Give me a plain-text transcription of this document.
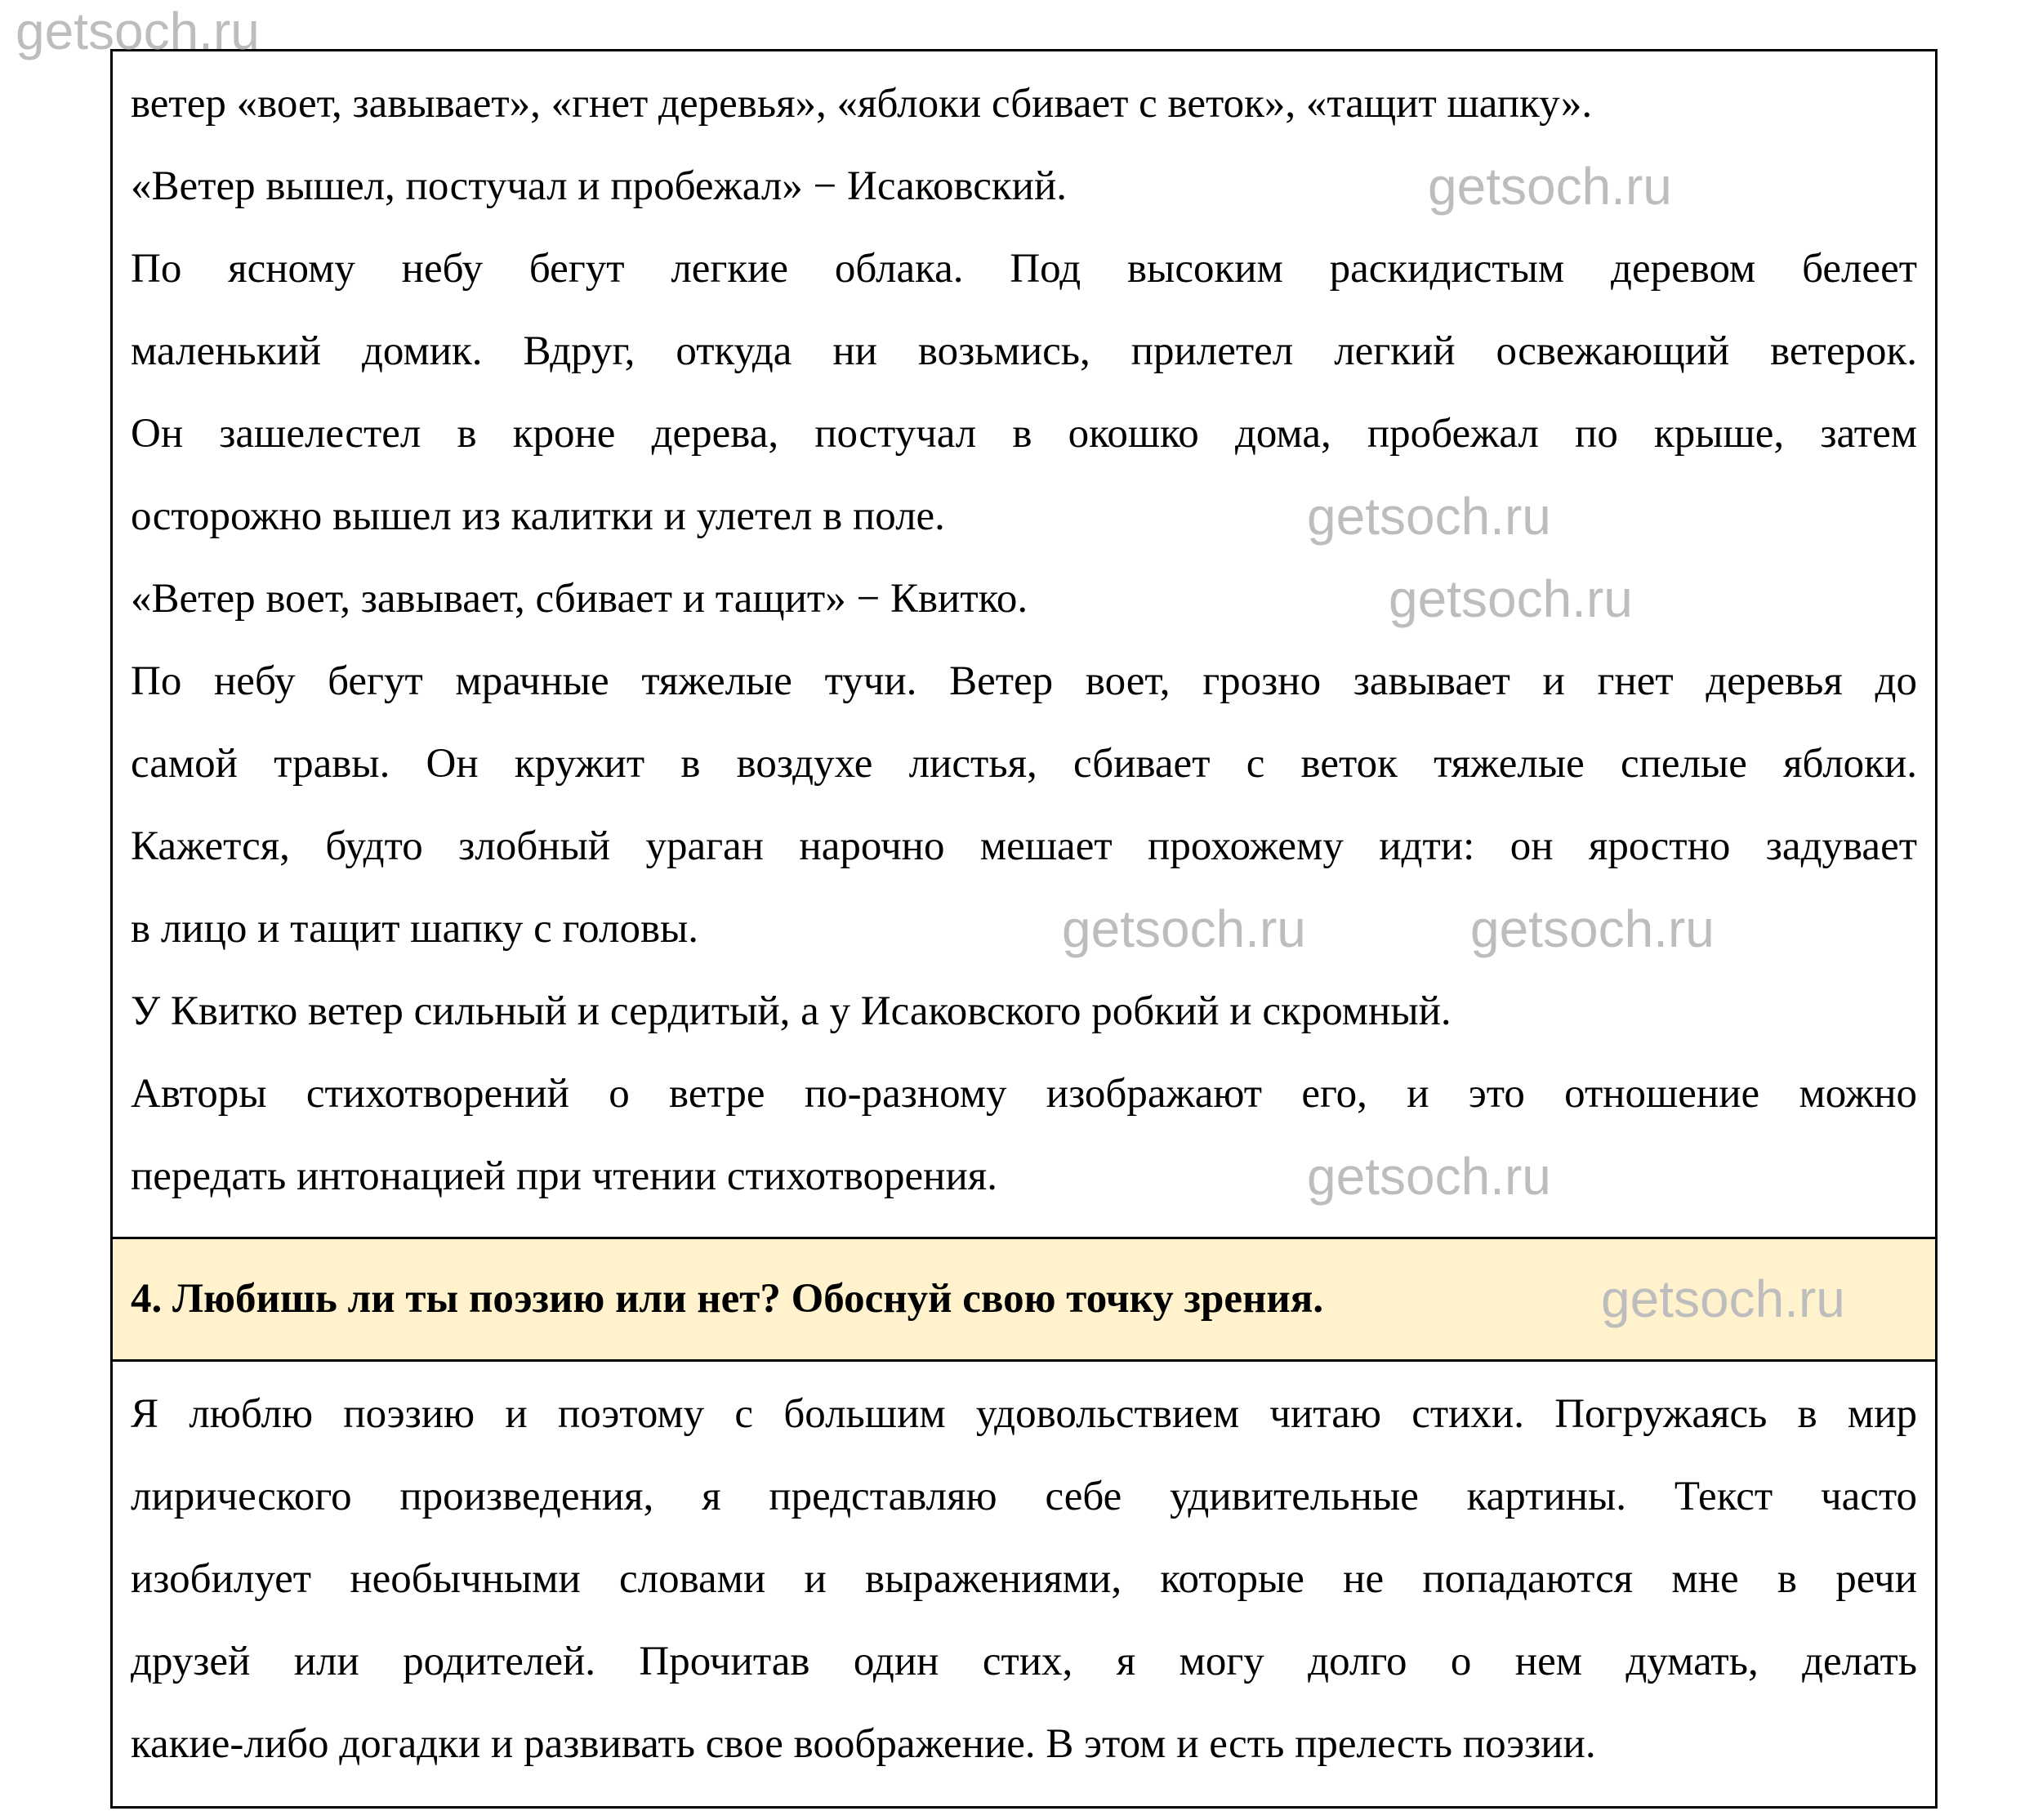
ветер «воет, завывает», «гнет деревья», «яблоки сбивает с веток», «тащит шапку».
«Ветер вышел, постучал и пробежал» − Исаковский.
По ясному небу бегут легкие облака. Под высоким раскидистым деревом белеет
маленький домик. Вдруг, откуда ни возьмись, прилетел легкий освежающий ветерок.
Он зашелестел в кроне дерева, постучал в окошко дома, пробежал по крыше, затем
осторожно вышел из калитки и улетел в поле.
«Ветер воет, завывает, сбивает и тащит» − Квитко.
По небу бегут мрачные тяжелые тучи. Ветер воет, грозно завывает и гнет деревья до
самой травы. Он кружит в воздухе листья, сбивает с веток тяжелые спелые яблоки.
Кажется, будто злобный ураган нарочно мешает прохожему идти: он яростно задувает
в лицо и тащит шапку с головы.
У Квитко ветер сильный и сердитый, а у Исаковского робкий и скромный.
Авторы стихотворений о ветре по-разному изображают его, и это отношение можно
передать интонацией при чтении стихотворения.
4. Любишь ли ты поэзию или нет? Обоснуй свою точку зрения.
Я люблю поэзию и поэтому с большим удовольствием читаю стихи. Погружаясь в мир
лирического произведения, я представляю себе удивительные картины. Текст часто
изобилует необычными словами и выражениями, которые не попадаются мне в речи
друзей или родителей. Прочитав один стих, я могу долго о нем думать, делать
какие-либо догадки и развивать свое воображение. В этом и есть прелесть поэзии.
getsoch.ru
getsoch.ru
getsoch.ru
getsoch.ru
getsoch.ru	getsoch.ru
getsoch.ru
getsoch.ru
